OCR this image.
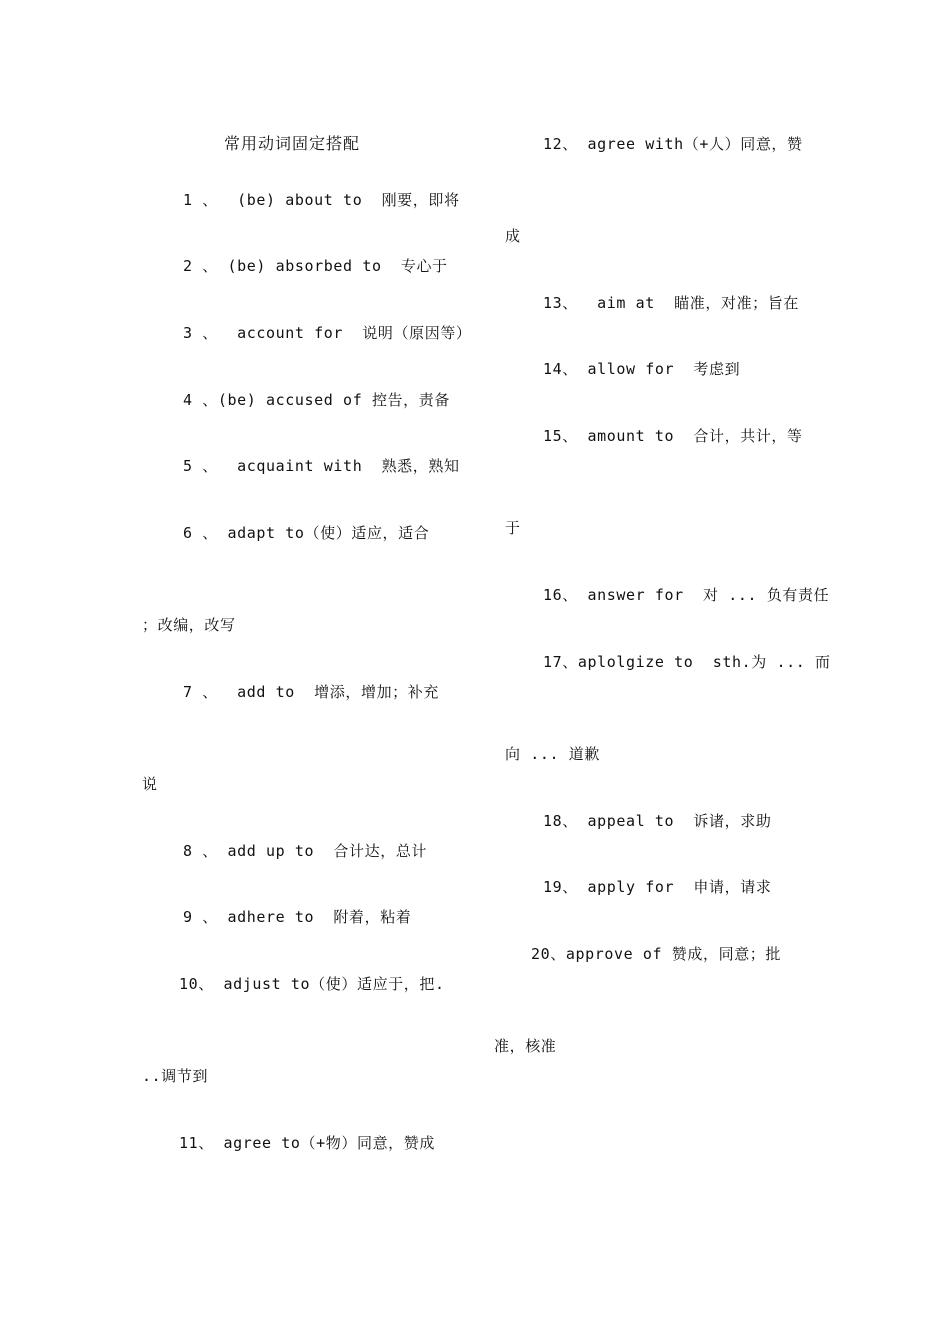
常用动词固定搭配
1 、  (be) about to  刚要，即将
2 、 (be) absorbed to  专心于
3 、  account for  说明（原因等）
4 、(be) accused of 控告，责备
5 、  acquaint with  熟悉，熟知
6 、 adapt to（使）适应，适合
；改编，改写
7 、  add to  增添，增加；补充
说
8 、 add up to  合计达，总计
9 、 adhere to  附着，粘着
10、 adjust to（使）适应于，把.
..调节到
11、 agree to（+物）同意，赞成
12、 agree with（+人）同意，赞
成
13、  aim at  瞄准，对准；旨在
14、 allow for  考虑到
15、 amount to  合计，共计，等
于
16、 answer for  对 ... 负有责任
17、aplolgize to  sth.为 ... 而
向 ... 道歉
18、 appeal to  诉诸，求助
19、 apply for  申请，请求
20、approve of 赞成，同意；批
准，核准
